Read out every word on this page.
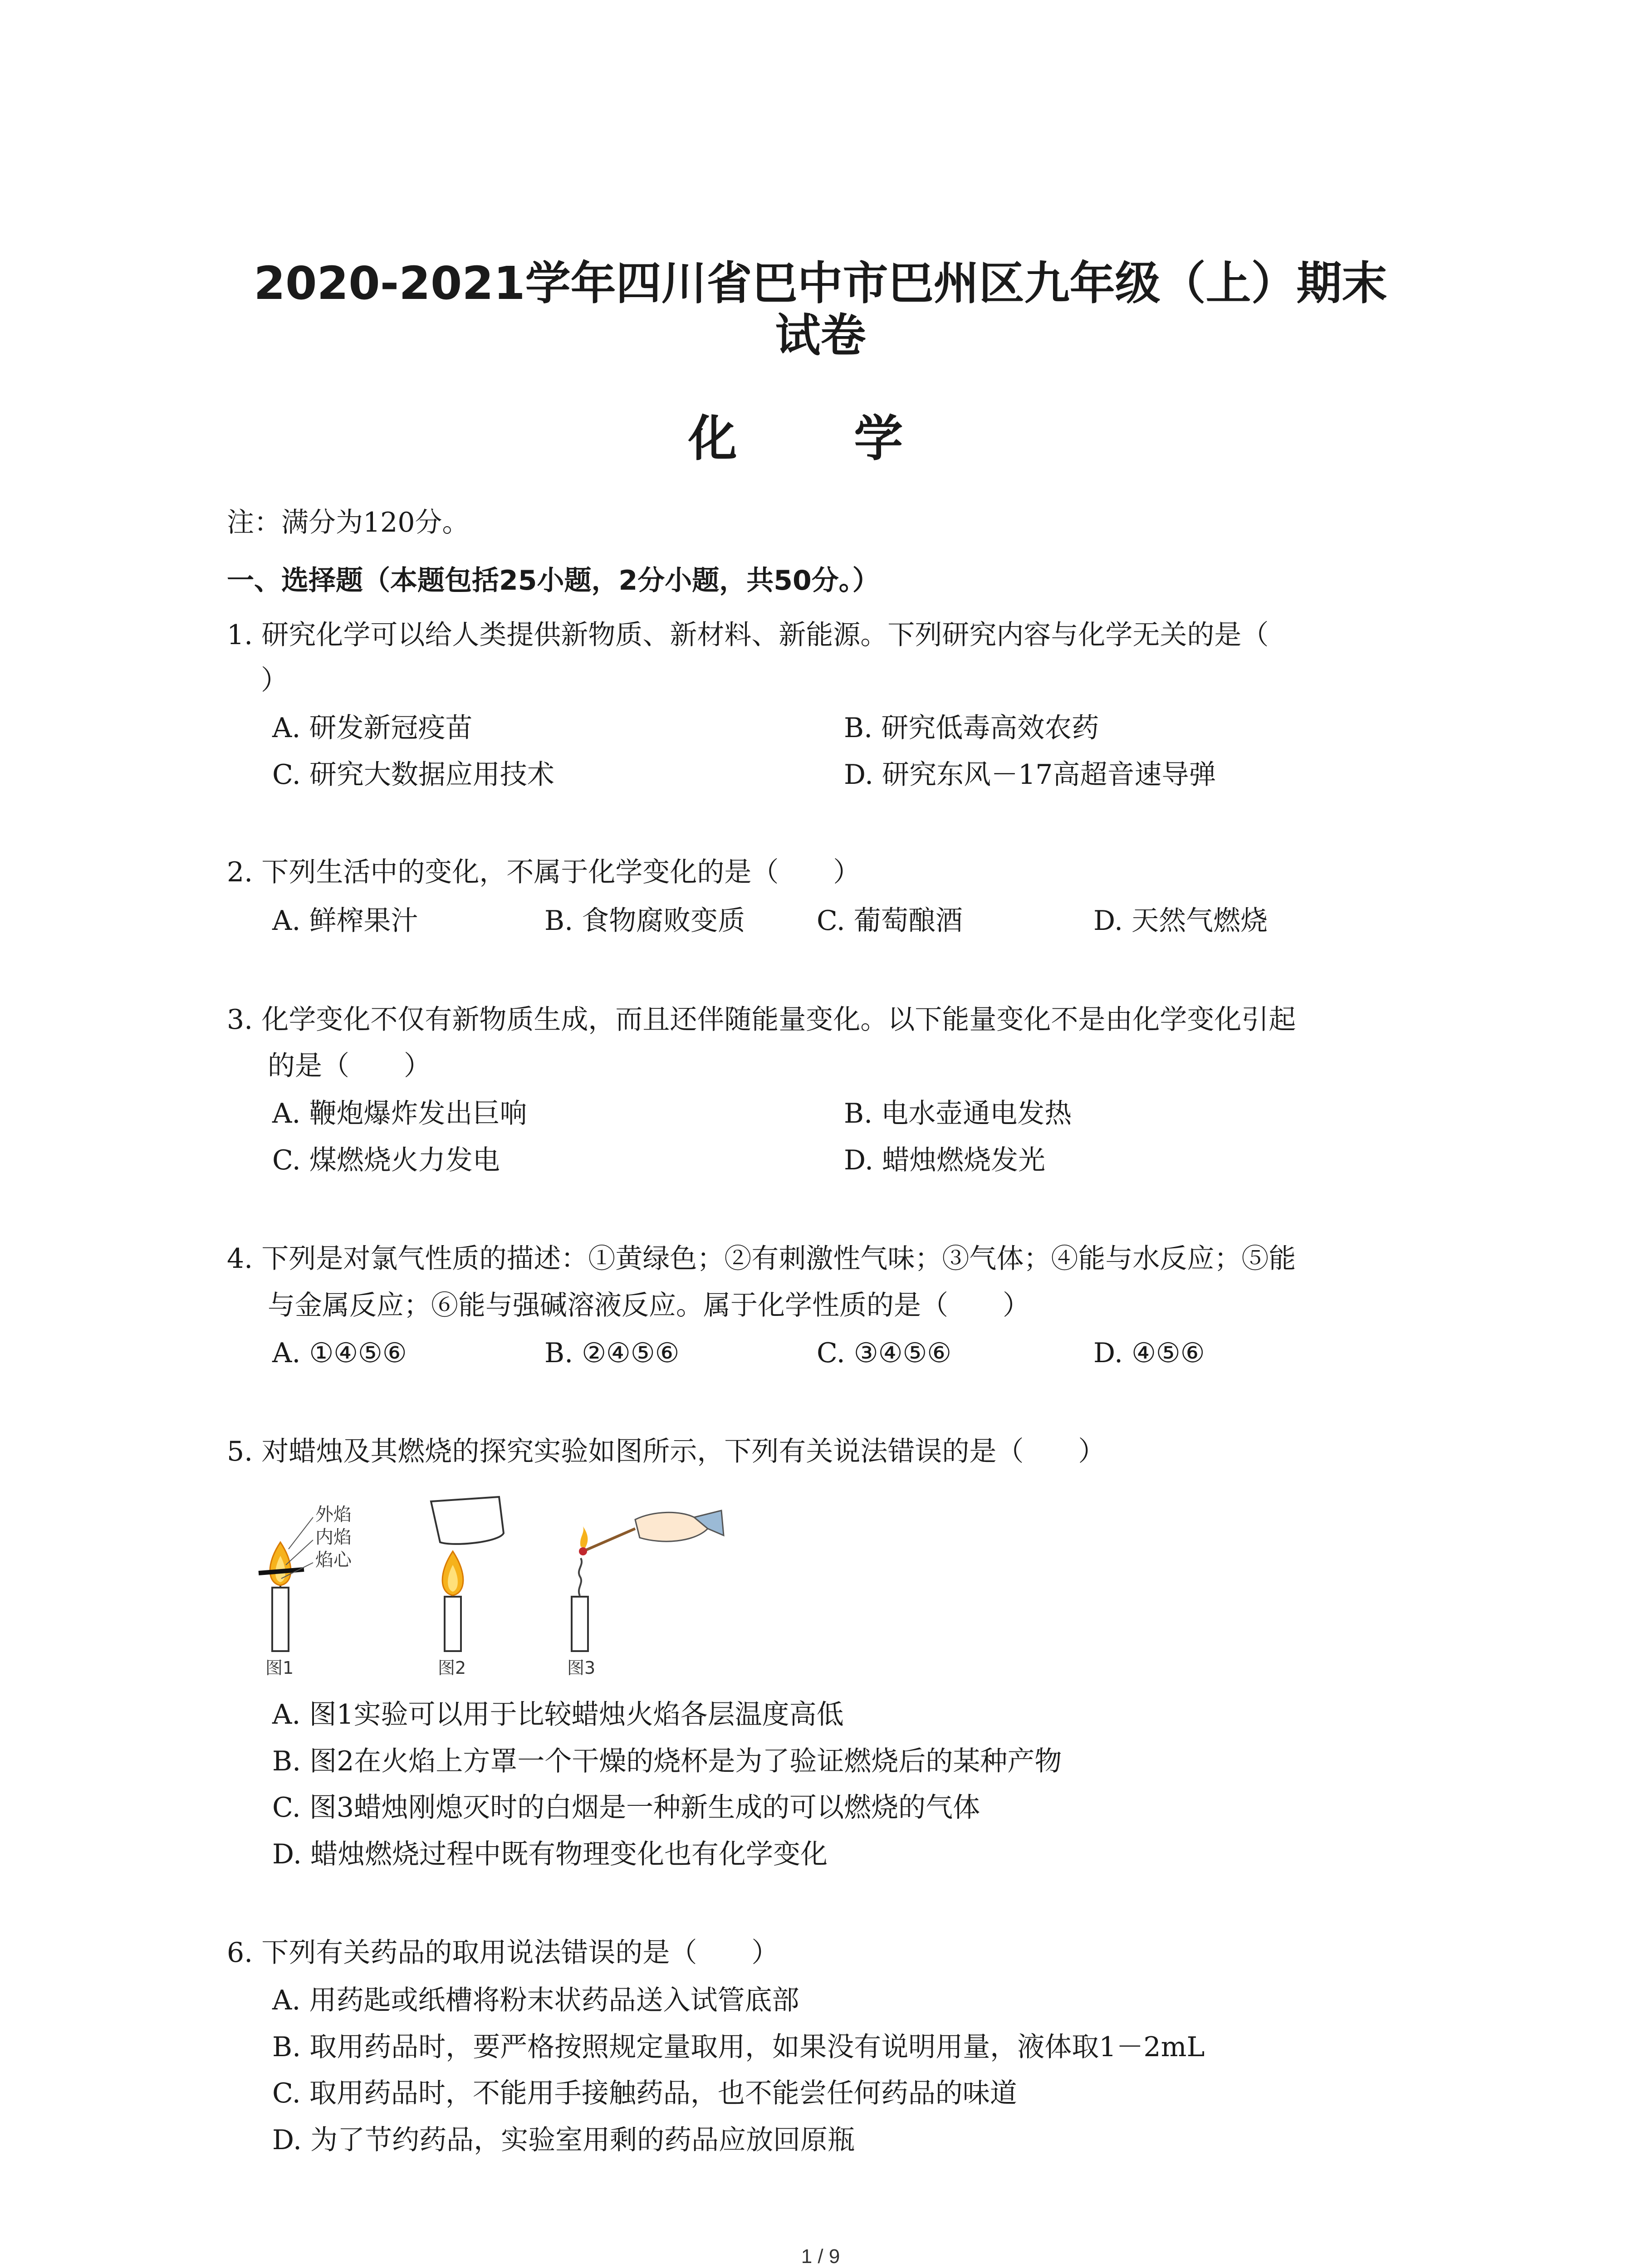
2020-2021学年四川省巴中市巴州区九年级（上）期末
试卷
化 学
注：满分为120分。
一、选择题（本题包括25小题，2分小题，共50分。）
1. 研究化学可以给人类提供新物质、新材料、新能源。下列研究内容与化学无关的是（
）
A. 研发新冠疫苗	B. 研究低毒高效农药
C. 研究大数据应用技术	D. 研究东风－17高超音速导弹
2. 下列生活中的变化，不属于化学变化的是（　　）
A. 鲜榨果汁	B. 食物腐败变质	C. 葡萄酿酒	D. 天然气燃烧
3. 化学变化不仅有新物质生成，而且还伴随能量变化。以下能量变化不是由化学变化引起
的是（　　）
A. 鞭炮爆炸发出巨响	B. 电水壶通电发热
C. 煤燃烧火力发电	D. 蜡烛燃烧发光
4. 下列是对氯气性质的描述：①黄绿色；②有刺激性气味；③气体；④能与水反应；⑤能
与金属反应；⑥能与强碱溶液反应。属于化学性质的是（　　）
A. ①④⑤⑥	B. ②④⑤⑥	C. ③④⑤⑥	D. ④⑤⑥
5. 对蜡烛及其燃烧的探究实验如图所示，下列有关说法错误的是（　　）
外焰
内焰
焰心
图1	图2	图3
A. 图1实验可以用于比较蜡烛火焰各层温度高低
B. 图2在火焰上方罩一个干燥的烧杯是为了验证燃烧后的某种产物
C. 图3蜡烛刚熄灭时的白烟是一种新生成的可以燃烧的气体
D. 蜡烛燃烧过程中既有物理变化也有化学变化
6. 下列有关药品的取用说法错误的是（　　）
A. 用药匙或纸槽将粉末状药品送入试管底部
B. 取用药品时，要严格按照规定量取用，如果没有说明用量，液体取1－2mL
C. 取用药品时，不能用手接触药品，也不能尝任何药品的味道
D. 为了节约药品，实验室用剩的药品应放回原瓶
1 / 9
